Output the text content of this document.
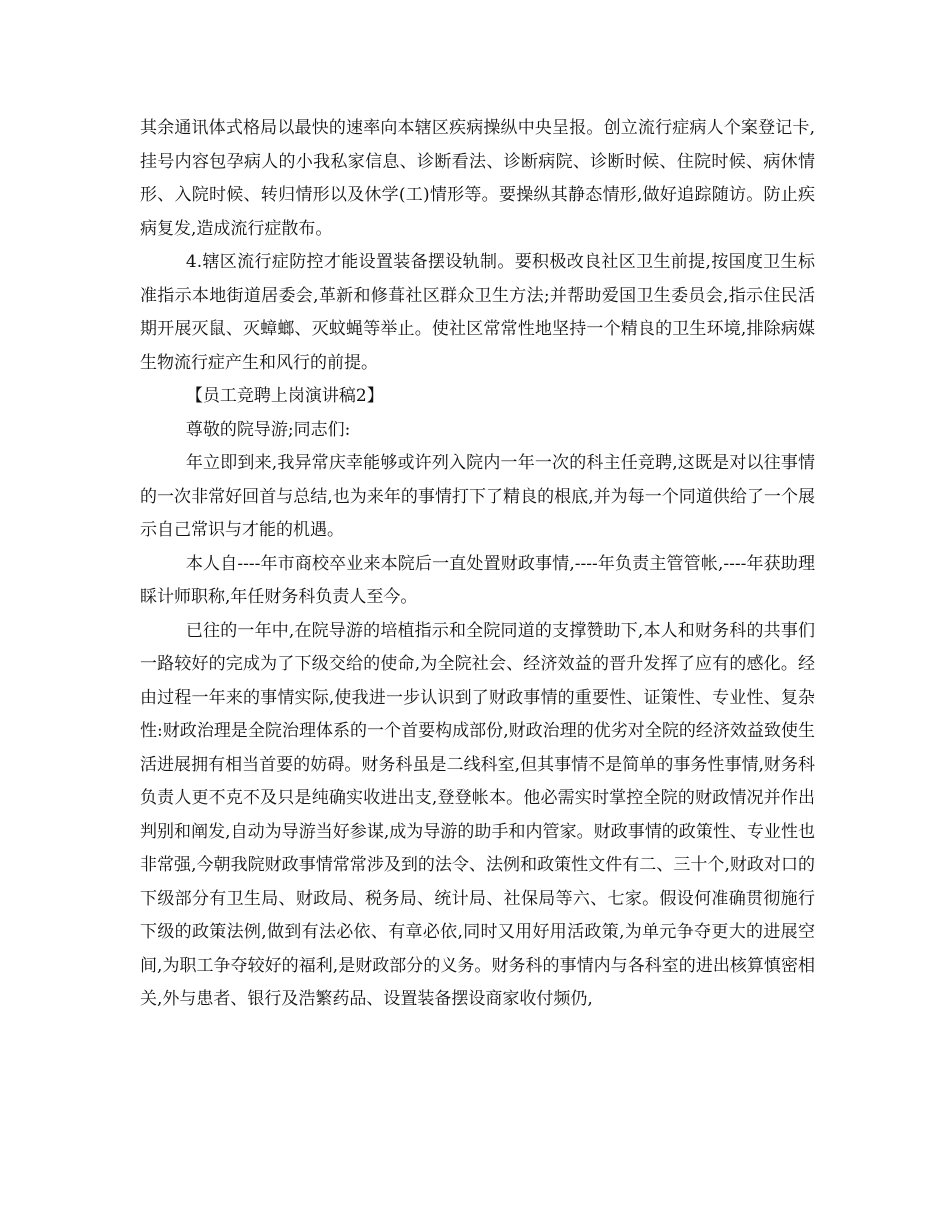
其余通讯体式格局以最快的速率向本辖区疾病操纵中央呈报。创立流行症病人个案登记卡,挂号内容包孕病人的小我私家信息、诊断看法、诊断病院、诊断时候、住院时候、病休情形、入院时候、转归情形以及休学(工)情形等。要操纵其静态情形,做好追踪随访。防止疾病复发,造成流行症散布。

4.辖区流行症防控才能设置装备摆设轨制。要积极改良社区卫生前提,按国度卫生标准指示本地街道居委会,革新和修葺社区群众卫生方法;并帮助爱国卫生委员会,指示住民活期开展灭鼠、灭蟑螂、灭蚊蝇等举止。使社区常常性地坚持一个精良的卫生环境,排除病媒生物流行症产生和风行的前提。

【员工竞聘上岗演讲稿2】

尊敬的院导游;同志们:

年立即到来,我异常庆幸能够或许列入院内一年一次的科主任竞聘,这既是对以往事情的一次非常好回首与总结,也为来年的事情打下了精良的根底,并为每一个同道供给了一个展示自己常识与才能的机遇。

本人自----年市商校卒业来本院后一直处置财政事情,----年负责主管管帐,----年获助理睬计师职称,年任财务科负责人至今。

已往的一年中,在院导游的培植指示和全院同道的支撑赞助下,本人和财务科的共事们一路较好的完成为了下级交给的使命,为全院社会、经济效益的晋升发挥了应有的感化。经由过程一年来的事情实际,使我进一步认识到了财政事情的重要性、证策性、专业性、复杂性:财政治理是全院治理体系的一个首要构成部份,财政治理的优劣对全院的经济效益致使生活进展拥有相当首要的妨碍。财务科虽是二线科室,但其事情不是简单的事务性事情,财务科负责人更不克不及只是纯确实收进出支,登登帐本。他必需实时掌控全院的财政情况并作出判别和阐发,自动为导游当好参谋,成为导游的助手和内管家。财政事情的政策性、专业性也非常强,今朝我院财政事情常常涉及到的法令、法例和政策性文件有二、三十个,财政对口的下级部分有卫生局、财政局、税务局、统计局、社保局等六、七家。假设何准确贯彻施行下级的政策法例,做到有法必依、有章必依,同时又用好用活政策,为单元争夺更大的进展空间,为职工争夺较好的福利,是财政部分的义务。财务科的事情内与各科室的进出核算慎密相关,外与患者、银行及浩繁药品、设置装备摆设商家收付频仍,
